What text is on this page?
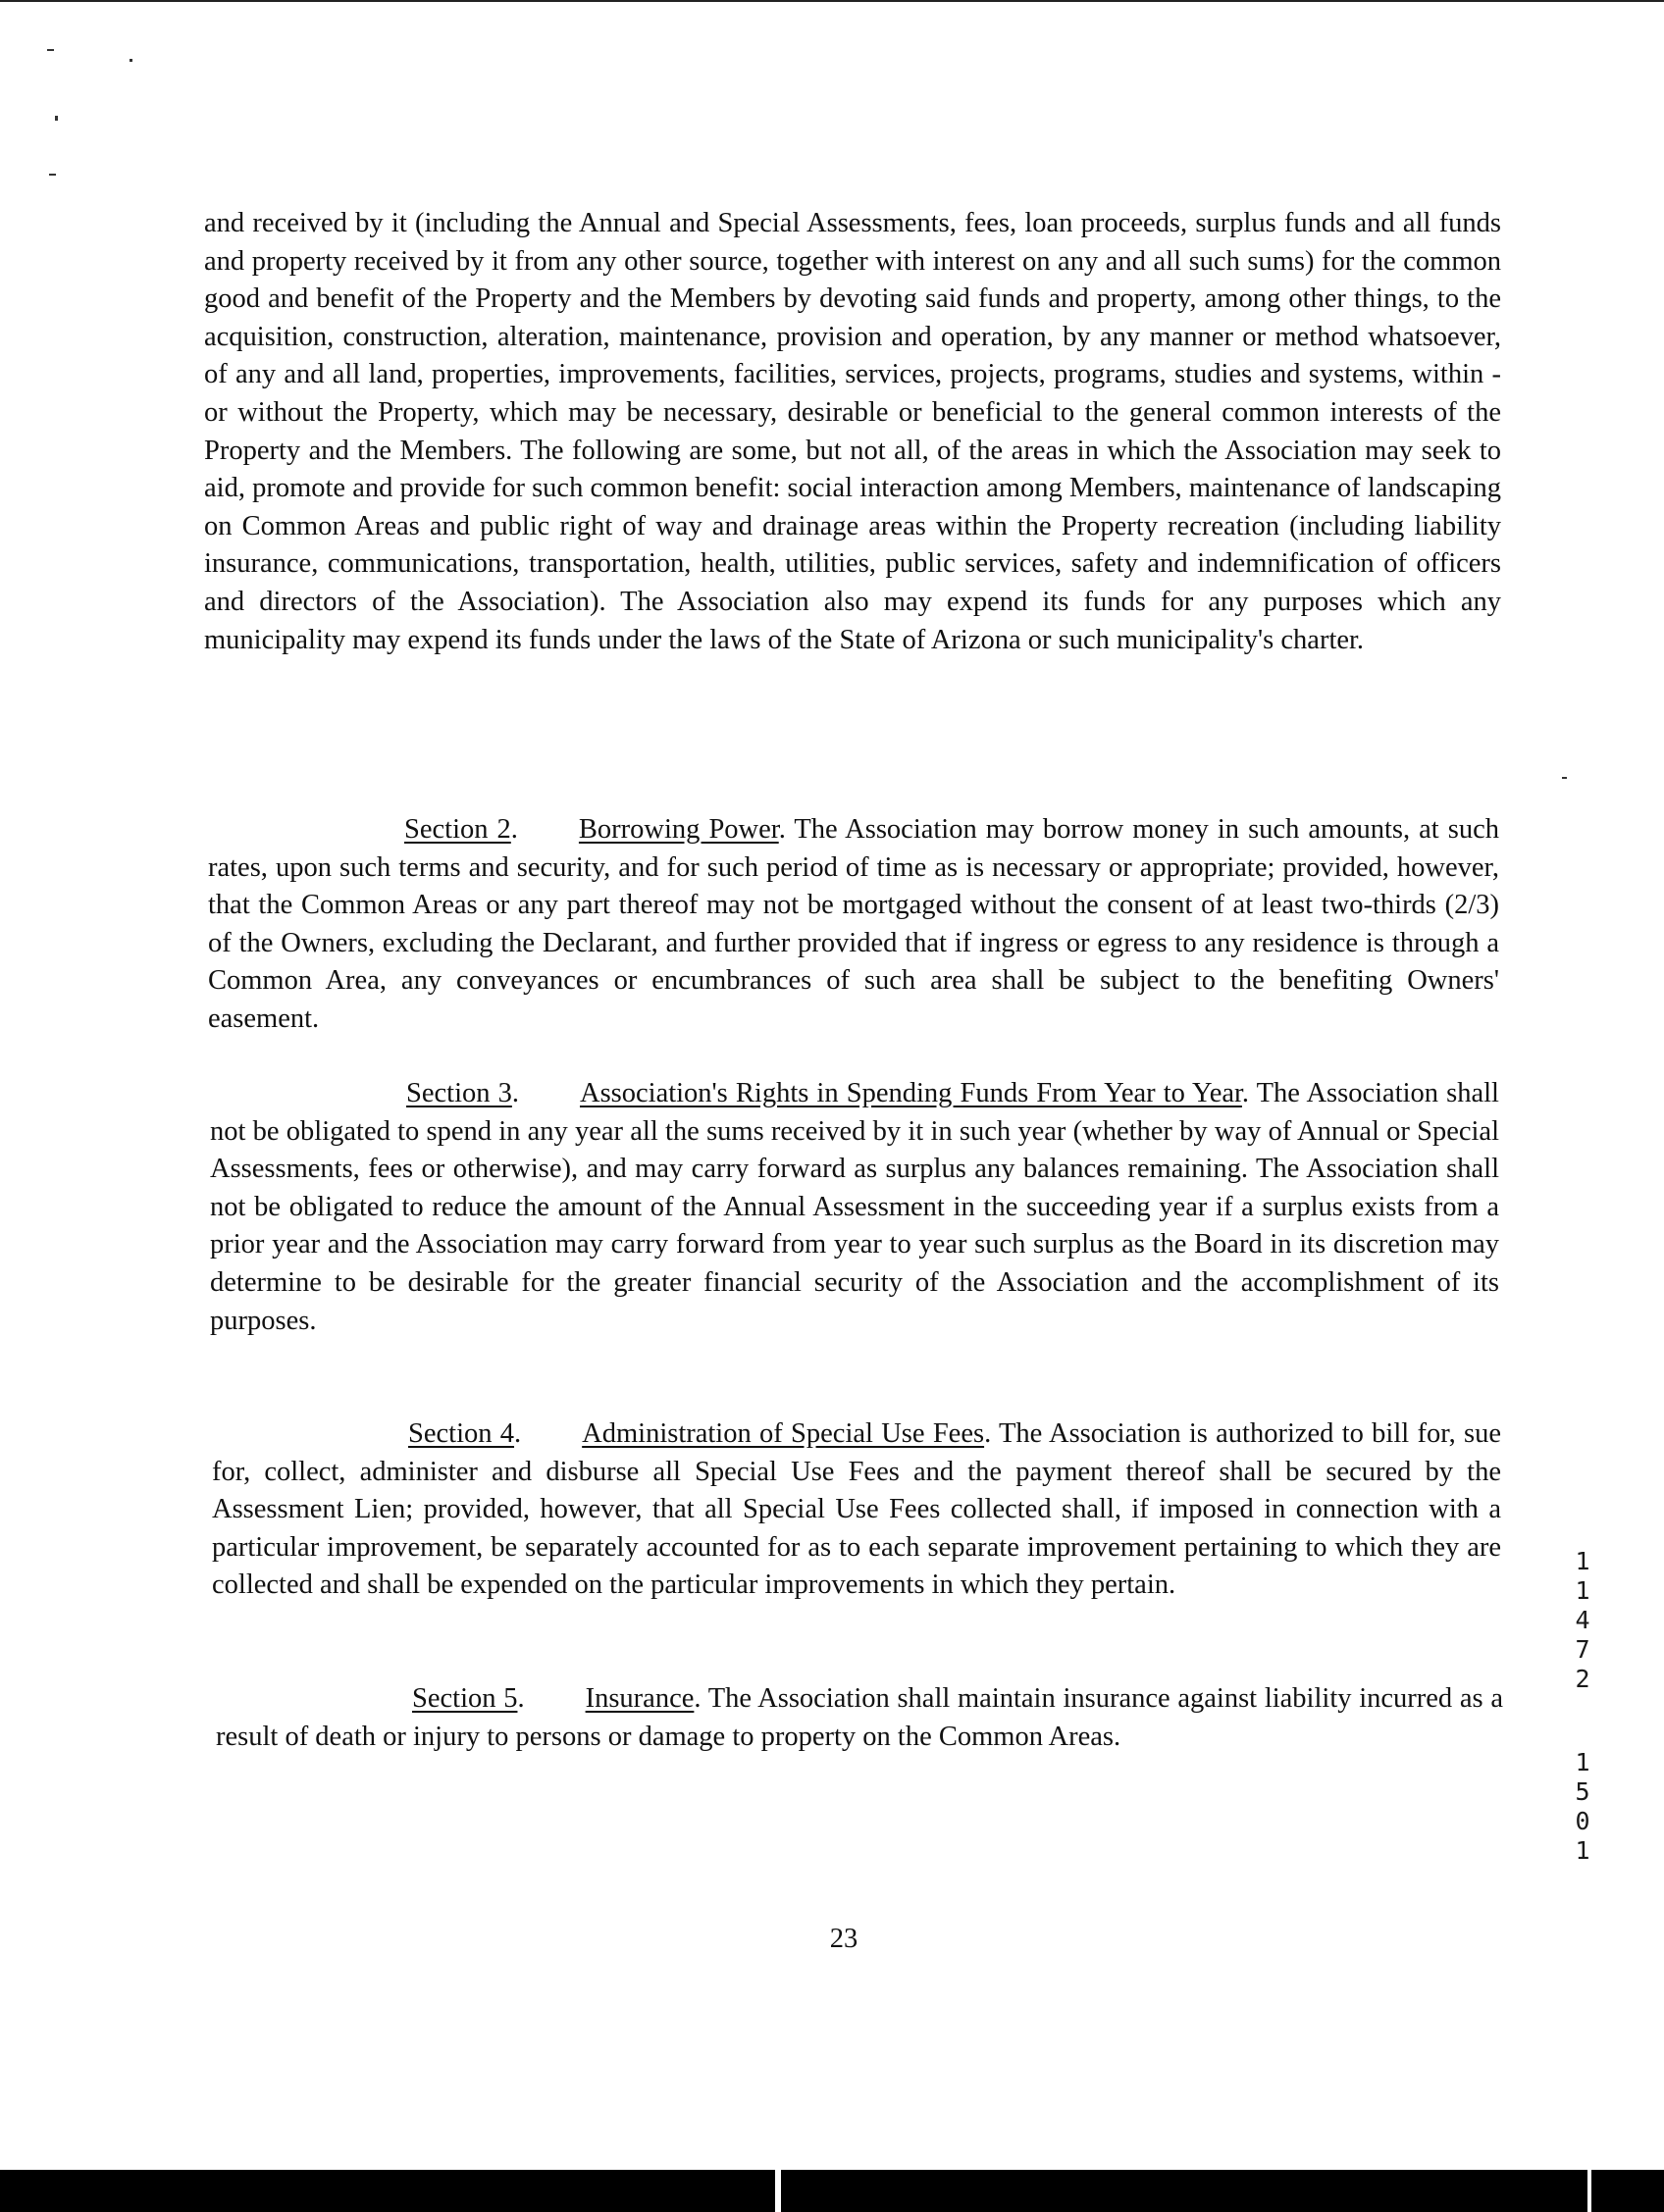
and received by it (including the Annual and Special Assessments, fees, loan proceeds, surplus funds and all funds and property received by it from any other source, together with interest on any and all such sums) for the common good and benefit of the Property and the Members by devoting said funds and property, among other things, to the acquisition, construction, alteration, maintenance, provision and operation, by any manner or method whatsoever, of any and all land, properties, improvements, facilities, services, projects, programs, studies and systems, within -or without the Property, which may be necessary, desirable or beneficial to the general common interests of the Property and the Members. The following are some, but not all, of the areas in which the Association may seek to aid, promote and provide for such common benefit: social interaction among Members, maintenance of landscaping on Common Areas and public right of way and drainage areas within the Property recreation (including liability insurance, communications, transportation, health, utilities, public services, safety and indemnification of officers and directors of the Association). The Association also may expend its funds for any purposes which any municipality may expend its funds under the laws of the State of Arizona or such municipality's charter.

Section 2. Borrowing Power. The Association may borrow money in such amounts, at such rates, upon such terms and security, and for such period of time as is necessary or appropriate; provided, however, that the Common Areas or any part thereof may not be mortgaged without the consent of at least two-thirds (2/3) of the Owners, excluding the Declarant, and further provided that if ingress or egress to any residence is through a Common Area, any conveyances or encumbrances of such area shall be subject to the benefiting Owners' easement.

Section 3. Association's Rights in Spending Funds From Year to Year. The Association shall not be obligated to spend in any year all the sums received by it in such year (whether by way of Annual or Special Assessments, fees or otherwise), and may carry forward as surplus any balances remaining. The Association shall not be obligated to reduce the amount of the Annual Assessment in the succeeding year if a surplus exists from a prior year and the Association may carry forward from year to year such surplus as the Board in its discretion may determine to be desirable for the greater financial security of the Association and the accomplishment of its purposes.

Section 4. Administration of Special Use Fees. The Association is authorized to bill for, sue for, collect, administer and disburse all Special Use Fees and the payment thereof shall be secured by the Assessment Lien; provided, however, that all Special Use Fees collected shall, if imposed in connection with a particular improvement, be separately accounted for as to each separate improvement pertaining to which they are collected and shall be expended on the particular improvements in which they pertain.

Section 5. Insurance. The Association shall maintain insurance against liability incurred as a result of death or injury to persons or damage to property on the Common Areas.

23
11472
1501
